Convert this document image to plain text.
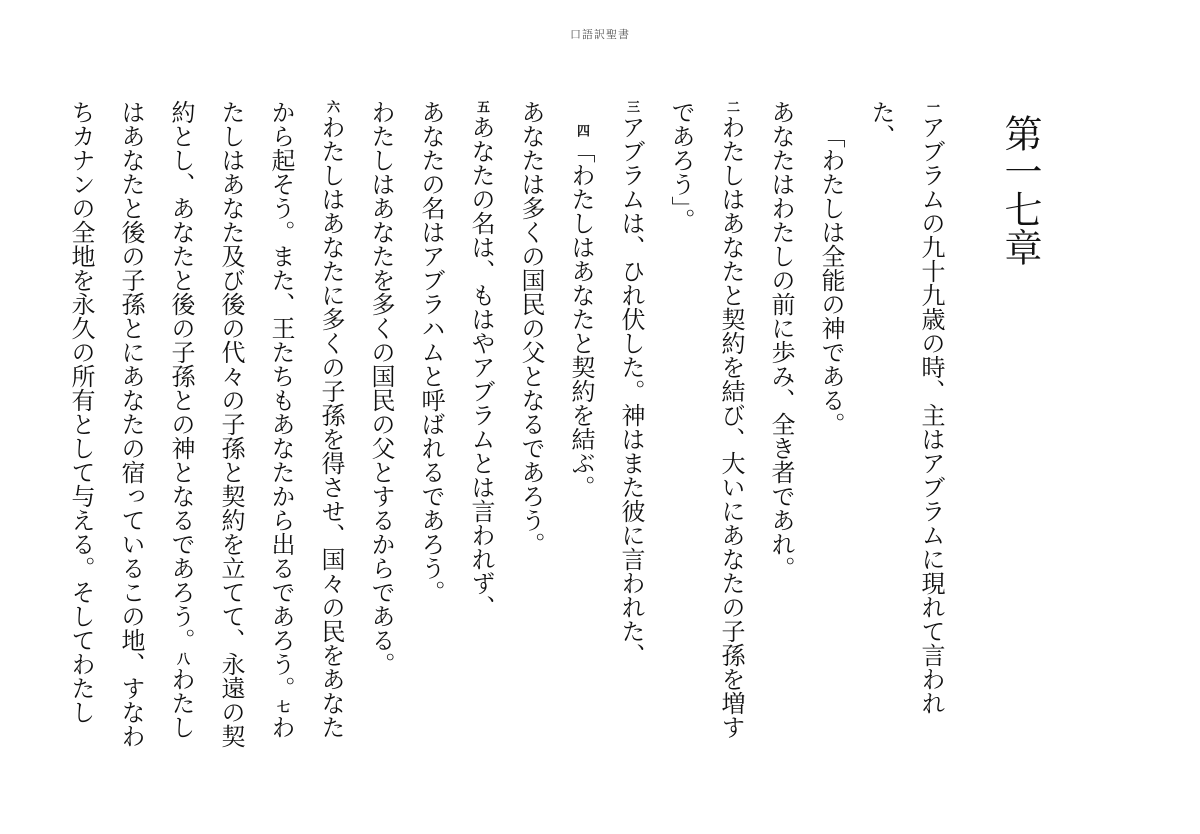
口語訳聖書
第一七章

$^一$アブラムの九十九歳の時、主はアブラムに現れて言われた、

「わたしは全能の神である。

あなたはわたしの前に歩み、全き者であれ。

$^二$わたしはあなたと契約を結び、大いにあなたの子孫を増すであろう」。

$^三$アブラムは、ひれ伏した。神はまた彼に言われた、

$^四$「わたしはあなたと契約を結ぶ。

あなたは多くの国民の父となるであろう。

$^五$あなたの名は、もはやアブラムとは言われず、

あなたの名はアブラハムと呼ばれるであろう。

わたしはあなたを多くの国民の父とするからである。

$^六$わたしはあなたに多くの子孫を得させ、国々の民をあなたから起そう。また、王たちもあなたから出るであろう。$^七$わたしはあなた及び後の代々の子孫と契約を立てて、永遠の契約とし、あなたと後の子孫との神となるであろう。$^八$わたしはあなたと後の子孫とにあなたの宿っているこの地、すなわちカナンの全地を永久の所有として与える。そしてわたし
